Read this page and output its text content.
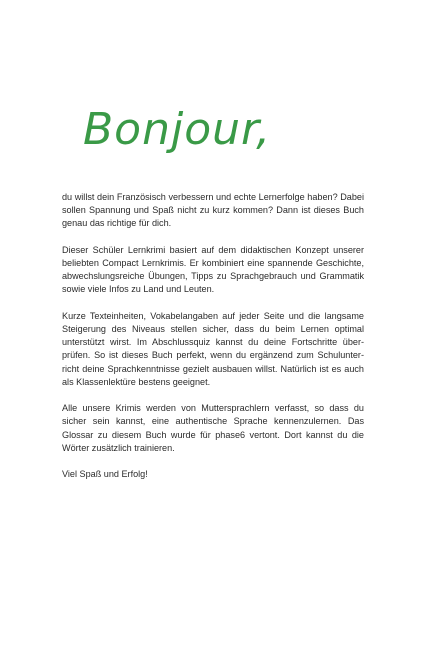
Bonjour,

du willst dein Französisch verbessern und echte Lernerfolge haben? Dabei sollen Spannung und Spaß nicht zu kurz kommen? Dann ist dieses Buch genau das richtige für dich.

Dieser Schüler Lernkrimi basiert auf dem didaktischen Konzept unserer beliebten Compact Lernkrimis. Er kombiniert eine spannende Geschichte, abwechslungsreiche Übungen, Tipps zu Sprachgebrauch und Grammatik sowie viele Infos zu Land und Leuten.

Kurze Texteinheiten, Vokabelangaben auf jeder Seite und die langsame Steigerung des Niveaus stellen sicher, dass du beim Lernen optimal unterstützt wirst. Im Abschlussquiz kannst du deine Fortschritte überprüfen. So ist dieses Buch perfekt, wenn du ergänzend zum Schulunterricht deine Sprachkenntnisse gezielt ausbauen willst. Natürlich ist es auch als Klassenlektüre bestens geeignet.

Alle unsere Krimis werden von Muttersprachlern verfasst, so dass du sicher sein kannst, eine authentische Sprache kennenzulernen. Das Glossar zu diesem Buch wurde für phase6 vertont. Dort kannst du die Wörter zusätzlich trainieren.

Viel Spaß und Erfolg!
